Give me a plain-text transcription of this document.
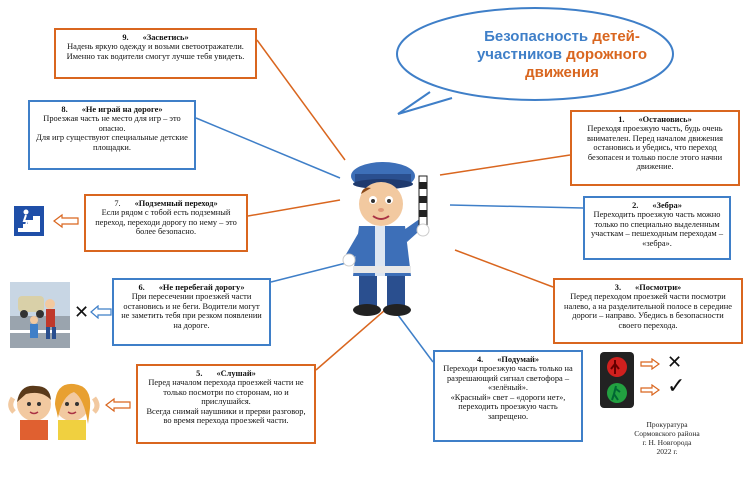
Безопасность детей-
участников дорожного
движения
9. «Засветись»
Надень яркую одежду и возьми светоотражатели. Именно так водители смогут лучше тебя увидеть.
8. «Не играй на дороге»
Проезжая часть не место для игр – это опасно.
Для игр существуют специальные детские площадки.
7. «Подземный переход»
Если рядом с тобой есть подземный переход, переходи дорогу по нему – это более безопасно.
6. «Не перебегай дорогу»
При пересечении проезжей части остановись и не беги. Водители могут не заметить тебя при резком появлении на дороге.
5. «Слушай»
Перед началом перехода проезжей части не только посмотри по сторонам, но и прислушайся.
Всегда снимай наушники и прерви разговор, во время перехода проезжей части.
1. «Остановись»
Переходя проезжую часть, будь очень внимателен. Перед началом движения остановись и убедись, что переход безопасен и только после этого начни движение.
2. «Зебра»
Переходить проезжую часть можно только по специально выделенным участкам – пешеходным переходам – «зебра».
3. «Посмотри»
Перед переходом проезжей части посмотри налево, а на разделительной полосе в середине дороги – направо. Убедись в безопасности своего перехода.
4. «Подумай»
Переходи проезжую часть только на разрешающий сигнал светофора – «зелёный».
«Красный» свет – «дороги нет», переходить проезжую часть запрещено.
✕
✕
✓
Прокуратура
Сормовского района
г. Н. Новгорода
2022 г.
